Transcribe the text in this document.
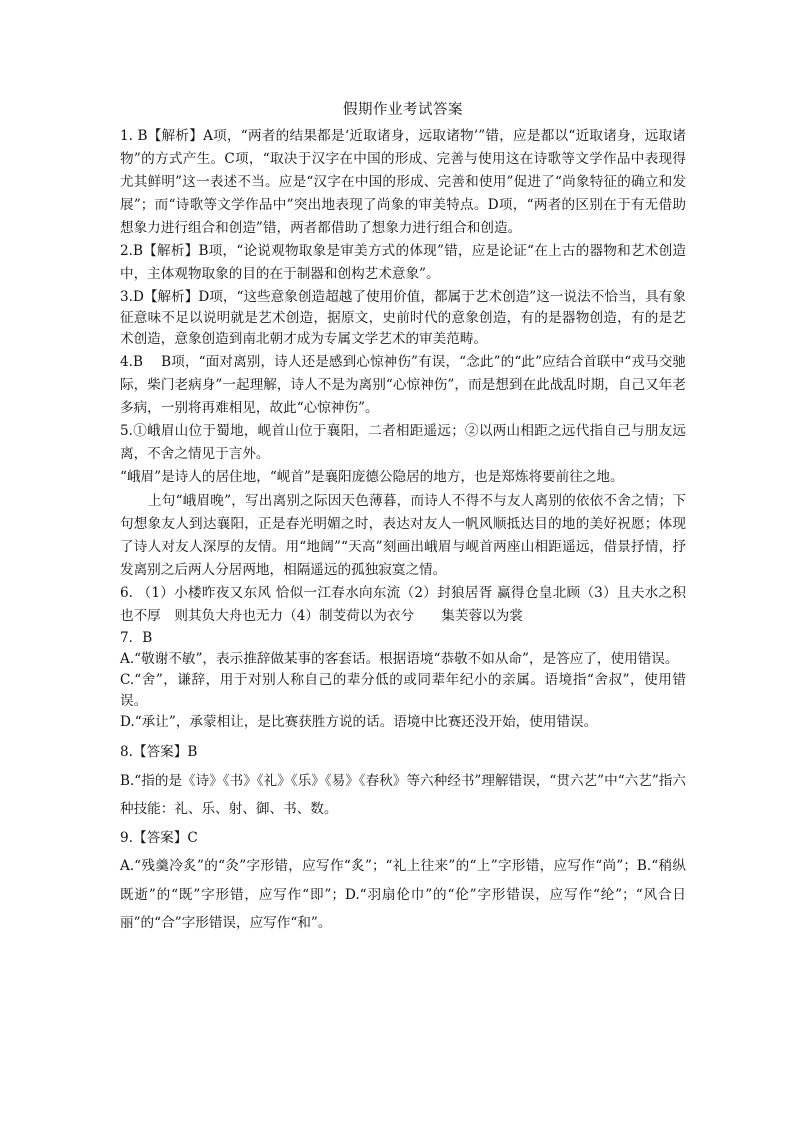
假期作业考试答案

1. B【解析】A项，“两者的结果都是‘近取诸身，远取诸物’”错，应是都以“近取诸身，远取诸物”的方式产生。C项，“取决于汉字在中国的形成、完善与使用这在诗歌等文学作品中表现得尤其鲜明”这一表述不当。应是“汉字在中国的形成、完善和使用”促进了“尚象特征的确立和发展”；而“诗歌等文学作品中”突出地表现了尚象的审美特点。D项，“两者的区别在于有无借助想象力进行组合和创造”错，两者都借助了想象力进行组合和创造。

2.B【解析】B项，“论说观物取象是审美方式的体现”错，应是论证“在上古的器物和艺术创造中，主体观物取象的目的在于制器和创构艺术意象”。

3.D【解析】D项，“这些意象创造超越了使用价值，都属于艺术创造”这一说法不恰当，具有象征意味不足以说明就是艺术创造，据原文，史前时代的意象创造，有的是器物创造，有的是艺术创造，意象创造到南北朝才成为专属文学艺术的审美范畴。

4.B　 B项，“面对离别，诗人还是感到心惊神伤”有误，“念此”的“此”应结合首联中“戎马交驰际，柴门老病身”一起理解，诗人不是为离别“心惊神伤”，而是想到在此战乱时期，自己又年老多病，一别将再难相见，故此“心惊神伤”。

5.①峨眉山位于蜀地，岘首山位于襄阳，二者相距遥远；②以两山相距之远代指自己与朋友远离，不舍之情见于言外。

“峨眉”是诗人的居住地，“岘首”是襄阳庞德公隐居的地方，也是郑炼将要前往之地。

上句“峨眉晚”，写出离别之际因天色薄暮，而诗人不得不与友人离别的依依不舍之情；下句想象友人到达襄阳，正是春光明媚之时，表达对友人一帆风顺抵达目的地的美好祝愿；体现了诗人对友人深厚的友情。用“地阔”“天高”刻画出峨眉与岘首两座山相距遥远，借景抒情，抒发离别之后两人分居两地，相隔遥远的孤独寂寞之情。

6. （1）小楼昨夜又东风 恰似一江春水向东流（2）封狼居胥 赢得仓皇北顾（3）且夫水之积也不厚　则其负大舟也无力（4）制芰荷以为衣兮　　集芙蓉以为裳

7．B

A.“敬谢不敏”，表示推辞做某事的客套话。根据语境“恭敬不如从命”，是答应了，使用错误。

C.“舍”，谦辞，用于对别人称自己的辈分低的或同辈年纪小的亲属。语境指“舍叔”，使用错误。

D.“承让”，承蒙相让，是比赛获胜方说的话。语境中比赛还没开始，使用错误。

8.【答案】B

B.“指的是《诗》《书》《礼》《乐》《易》《春秋》等六种经书”理解错误，“贯六艺”中“六艺”指六种技能：礼、乐、射、御、书、数。

9.【答案】C

A.“残羹冷炙”的“灸”字形错，应写作“炙”；“礼上往来”的“上”字形错，应写作“尚”；B.“稍纵既逝”的“既”字形错，应写作“即”；D.“羽扇伦巾”的“伦”字形错误，应写作“纶”；“风合日丽”的“合”字形错误，应写作“和”。
